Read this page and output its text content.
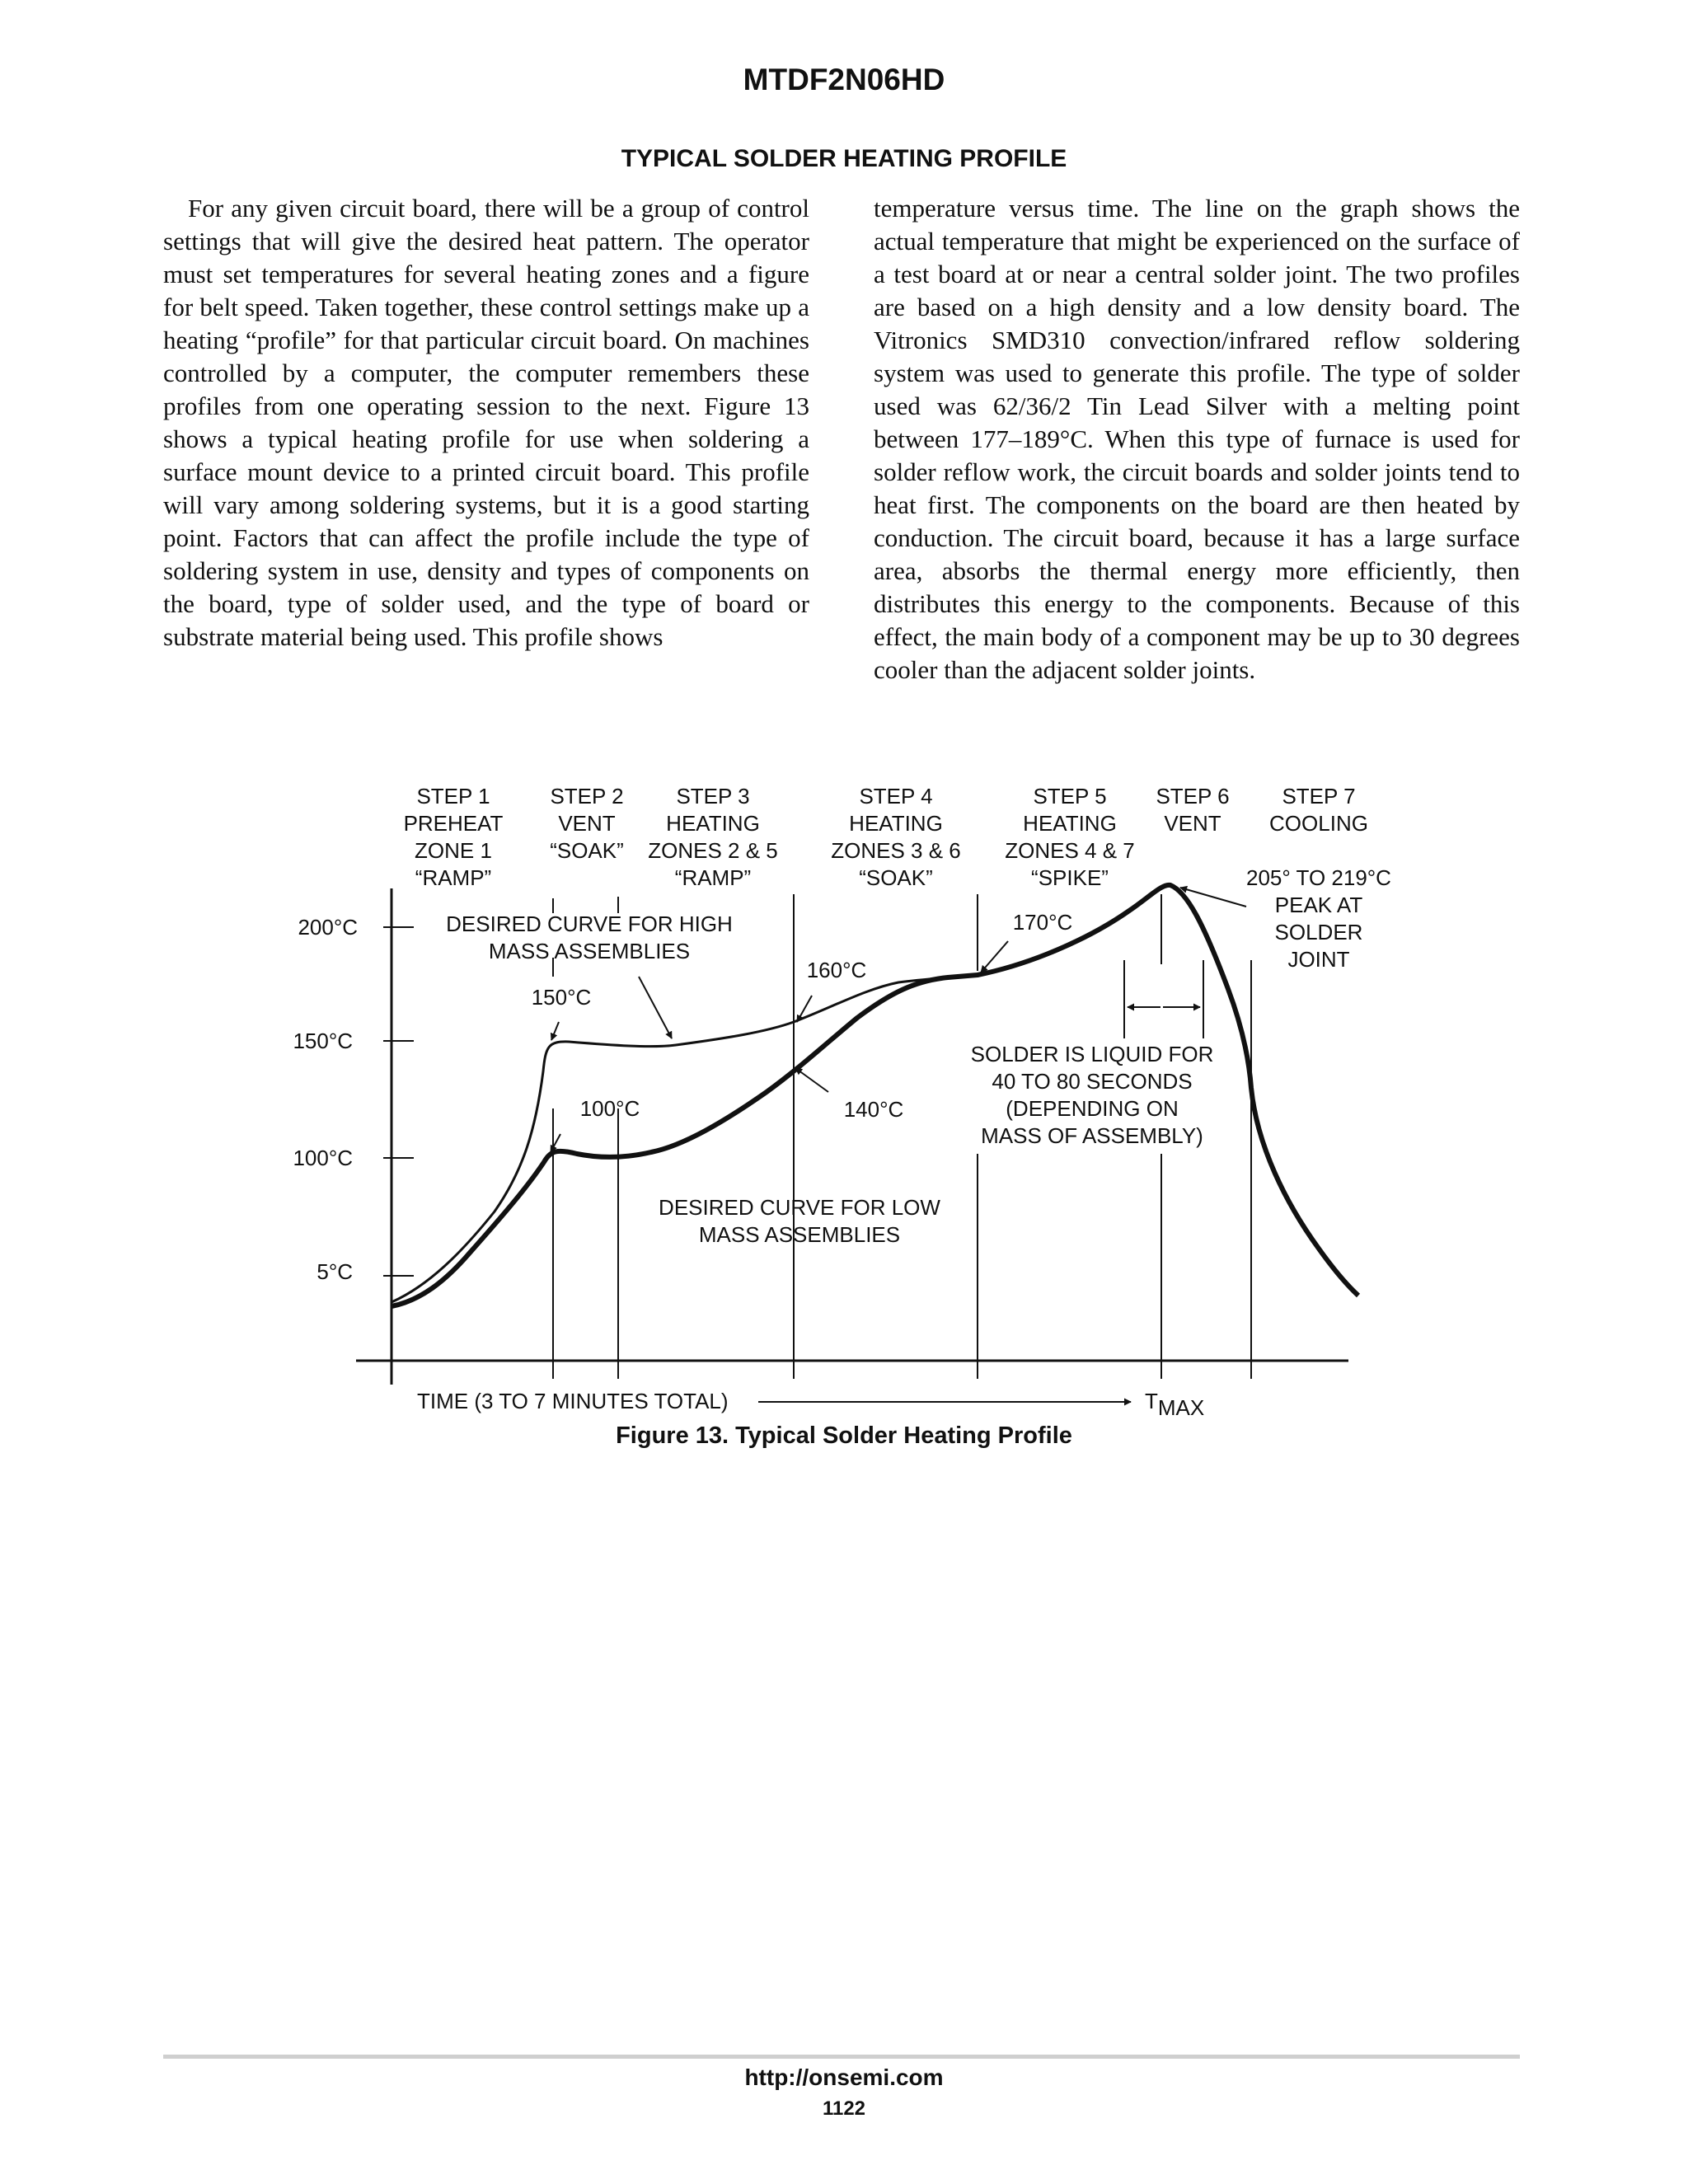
MTDF2N06HD
TYPICAL SOLDER HEATING PROFILE

For any given circuit board, there will be a group of control settings that will give the desired heat pattern. The operator must set temperatures for several heating zones and a figure for belt speed. Taken together, these control settings make up a heating “profile” for that particular circuit board. On machines controlled by a computer, the computer remembers these profiles from one operating session to the next. Figure 13 shows a typical heating profile for use when soldering a surface mount device to a printed circuit board. This profile will vary among soldering systems, but it is a good starting point. Factors that can affect the profile include the type of soldering system in use, density and types of components on the board, type of solder used, and the type of board or substrate material being used. This profile shows

temperature versus time. The line on the graph shows the actual temperature that might be experienced on the surface of a test board at or near a central solder joint. The two profiles are based on a high density and a low density board. The Vitronics SMD310 convection/infrared reflow soldering system was used to generate this profile. The type of solder used was 62/36/2 Tin Lead Silver with a melting point between 177–189°C. When this type of furnace is used for solder reflow work, the circuit boards and solder joints tend to heat first. The components on the board are then heated by conduction. The circuit board, because it has a large surface area, absorbs the thermal energy more efficiently, then distributes this energy to the components. Because of this effect, the main body of a component may be up to 30 degrees cooler than the adjacent solder joints.

200°C
150°C
100°C
5°C
STEP 1
PREHEAT
ZONE 1
“RAMP”
STEP 2
VENT
“SOAK”
STEP 3
HEATING
ZONES 2 & 5
“RAMP”
STEP 4
HEATING
ZONES 3 & 6
“SOAK”
STEP 5
HEATING
ZONES 4 & 7
“SPIKE”
STEP 6
VENT
STEP 7
COOLING
DESIRED CURVE FOR HIGH
MASS ASSEMBLIES
150°C
100°C
160°C
140°C
170°C
205° TO 219°C
PEAK AT
SOLDER
JOINT
SOLDER IS LIQUID FOR
40 TO 80 SECONDS
(DEPENDING ON
MASS OF ASSEMBLY)
DESIRED CURVE FOR LOW
MASS ASSEMBLIES
TIME (3 TO 7 MINUTES TOTAL)	TMAX
Figure 13. Typical Solder Heating Profile
http://onsemi.com
1122
